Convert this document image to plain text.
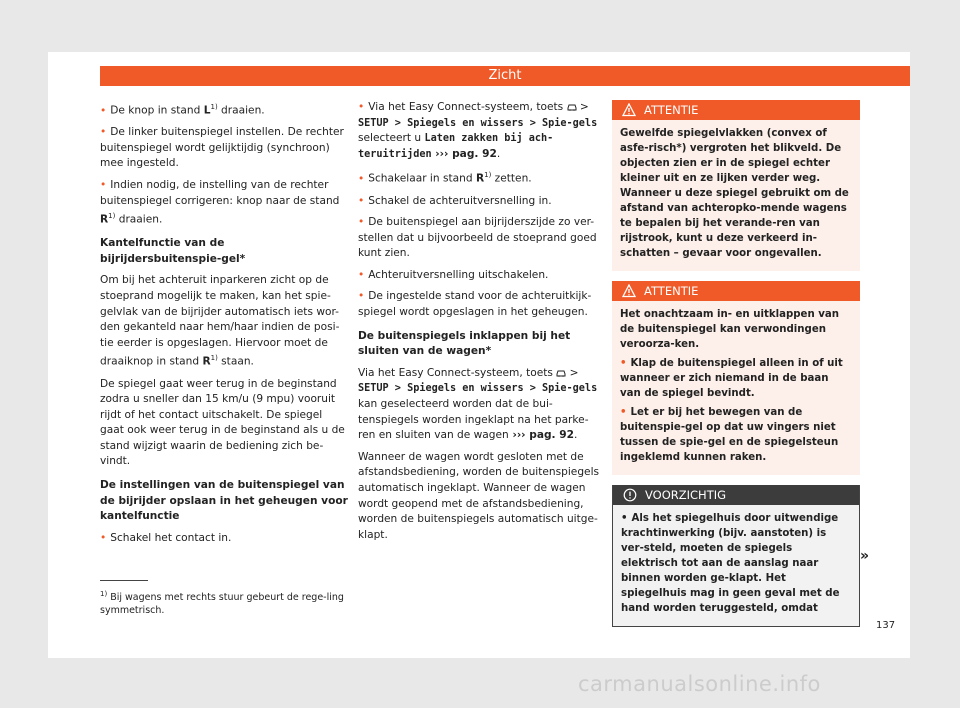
Zicht

• De knop in stand $L^{1)}$ draaien.

• De linker buitenspiegel instellen. De rechter buitenspiegel wordt gelijktijdig (synchroon) mee ingesteld.

• Indien nodig, de instelling van de rechter buitenspiegel corrigeren: knop naar de stand $R^{1)}$ draaien.

Kantelfunctie van de bijrijdersbuitenspie-gel*

Om bij het achteruit inparkeren zicht op de stoeprand mogelijk te maken, kan het spie-gelvlak van de bijrijder automatisch iets wor-den gekanteld naar hem/haar indien de posi-tie eerder is opgeslagen. Hiervoor moet de draaiknop in stand $R^{1)}$ staan.

De spiegel gaat weer terug in de beginstand zodra u sneller dan 15 km/u (9 mpu) vooruit rijdt of het contact uitschakelt. De spiegel gaat ook weer terug in de beginstand als u de stand wijzigt waarin de bediening zich be-vindt.

De instellingen van de buitenspiegel van de bijrijder opslaan in het geheugen voor kantelfunctie

• Schakel het contact in.

• Via het Easy Connect-systeem, toets  > SETUP > Spiegels en wissers > Spie-gels selecteert u Laten zakken bij ach-teruitrijden ››› pag. 92.

• Schakelaar in stand $R^{1)}$ zetten.

• Schakel de achteruitversnelling in.

• De buitenspiegel aan bijrijderszijde zo ver-stellen dat u bijvoorbeeld de stoeprand goed kunt zien.

• Achteruitversnelling uitschakelen.

• De ingestelde stand voor de achteruitkijk-spiegel wordt opgeslagen in het geheugen.

De buitenspiegels inklappen bij het sluiten van de wagen*

Via het Easy Connect-systeem, toets  > SETUP > Spiegels en wissers > Spie-gels kan geselecteerd worden dat de bui-tenspiegels worden ingeklapt na het parke-ren en sluiten van de wagen ››› pag. 92.

Wanneer de wagen wordt gesloten met de afstandsbediening, worden de buitenspiegels automatisch ingeklapt. Wanneer de wagen wordt geopend met de afstandsbediening, worden de buitenspiegels automatisch uitge-klapt.

ATTENTIE

Gewelfde spiegelvlakken (convex of asfe-risch*) vergroten het blikveld. De objecten zien er in de spiegel echter kleiner uit en ze lijken verder weg. Wanneer u deze spiegel gebruikt om de afstand van achteropko-mende wagens te bepalen bij het verande-ren van rijstrook, kunt u deze verkeerd in-schatten – gevaar voor ongevallen.

ATTENTIE

Het onachtzaam in- en uitklappen van de buitenspiegel kan verwondingen veroorza-ken.

• Klap de buitenspiegel alleen in of uit wanneer er zich niemand in de baan van de spiegel bevindt.

• Let er bij het bewegen van de buitenspie-gel op dat uw vingers niet tussen de spie-gel en de spiegelsteun ingeklemd kunnen raken.

VOORZICHTIG

• Als het spiegelhuis door uitwendige krachtinwerking (bijv. aanstoten) is ver-steld, moeten de spiegels elektrisch tot aan de aanslag naar binnen worden ge-klapt. Het spiegelhuis mag in geen geval met de hand worden teruggesteld, omdat

»
$^{1)}$ Bij wagens met rechts stuur gebeurt de rege-ling symmetrisch.
137
carmanualsonline.info
